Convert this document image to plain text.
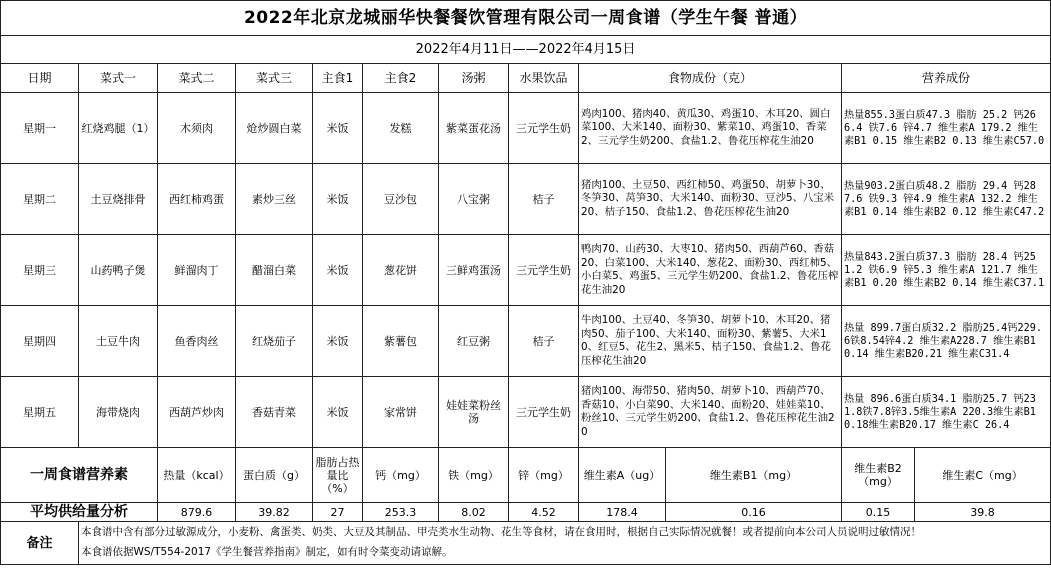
2022年北京龙城丽华快餐餐饮管理有限公司一周食谱（学生午餐 普通）											
2022年4月11日——2022年4月15日											
日期	菜式一	菜式二	菜式三	主食1	主食2	汤粥	水果饮品	食物成份（克）		营养成份	
星期一	红烧鸡腿（1）	木须肉	炝炒圆白菜	米饭	发糕	紫菜蛋花汤	三元学生奶	鸡肉100、猪肉40、黄瓜30、鸡蛋10、木耳20、圆白菜100、大米140、面粉30、紫菜10、鸡蛋10、香菜2、三元学生奶200、食盐1.2、鲁花压榨花生油20		热量855.3蛋白质47.3 脂肪 25.2 钙266.4 铁7.6 锌4.7 维生素A 179.2 维生素B1 0.15 维生素B2 0.13 维生素C57.0	
星期二	土豆烧排骨	西红柿鸡蛋	素炒三丝	米饭	豆沙包	八宝粥	桔子	猪肉100、土豆50、西红柿50、鸡蛋50、胡萝卜30、冬笋30、莴笋30、大米140、面粉30、豆沙5、八宝米20、桔子150、食盐1.2、鲁花压榨花生油20		热量903.2蛋白质48.2 脂肪 29.4 钙287.6 铁9.3 锌4.9 维生素A 132.2 维生素B1 0.14 维生素B2 0.12 维生素C47.2	
星期三	山药鸭子煲	鲜溜肉丁	醋溜白菜	米饭	葱花饼	三鲜鸡蛋汤	三元学生奶	鸭肉70、山药30、大枣10、猪肉50、西葫芦60、香菇20、白菜100、大米140、葱花2、面粉30、西红柿5、小白菜5、鸡蛋5、三元学生奶200、食盐1.2、鲁花压榨花生油20		热量843.2蛋白质37.3 脂肪 28.4 钙251.2 铁6.9 锌5.3 维生素A 121.7 维生素B1 0.20 维生素B2 0.14 维生素C37.1	
星期四	土豆牛肉	鱼香肉丝	红烧茄子	米饭	紫薯包	红豆粥	桔子	牛肉100、土豆40、冬笋30、胡萝卜10、木耳20、猪肉50、茄子100、大米140、面粉30、紫薯5、大米10、红豆5、花生2、黑米5、桔子150、食盐1.2、鲁花压榨花生油20		热量 899.7蛋白质32.2 脂肪25.4钙229.6铁8.54锌4.2 维生素A228.7 维生素B10.14 维生素B20.21 维生素C31.4	
星期五	海带烧肉	西葫芦炒肉	香菇青菜	米饭	家常饼	娃娃菜粉丝汤	三元学生奶	猪肉100、海带50、猪肉50、胡萝卜10、西葫芦70、香菇10、小白菜90、大米140、面粉20、娃娃菜10、粉丝10、三元学生奶200、食盐1.2、鲁花压榨花生油20		热量 896.6蛋白质34.1 脂肪25.7 钙231.8铁7.8锌3.5维生素A 220.3维生素B1 0.18维生素B20.17 维生素C 26.4	
一周食谱营养素		热量（kcal）	蛋白质（g）	脂肪占热量比（%）	钙（mg）	铁（mg）	锌（mg）	维生素A（ug）	维生素B1（mg）	维生素B2（mg）	维生素C（mg）
平均供给量分析		879.6	39.82	27	253.3	8.02	4.52	178.4	0.16	0.15	39.8
备注	本食谱中含有部分过敏源成分，小麦粉、禽蛋类、奶类、大豆及其制品、甲壳类水生动物、花生等食材，请在食用时，根据自己实际情况就餐！或者提前向本公司人员说明过敏情况！
本食谱依据WS/T554-2017《学生餐营养指南》制定，如有时令菜变动请谅解。										
